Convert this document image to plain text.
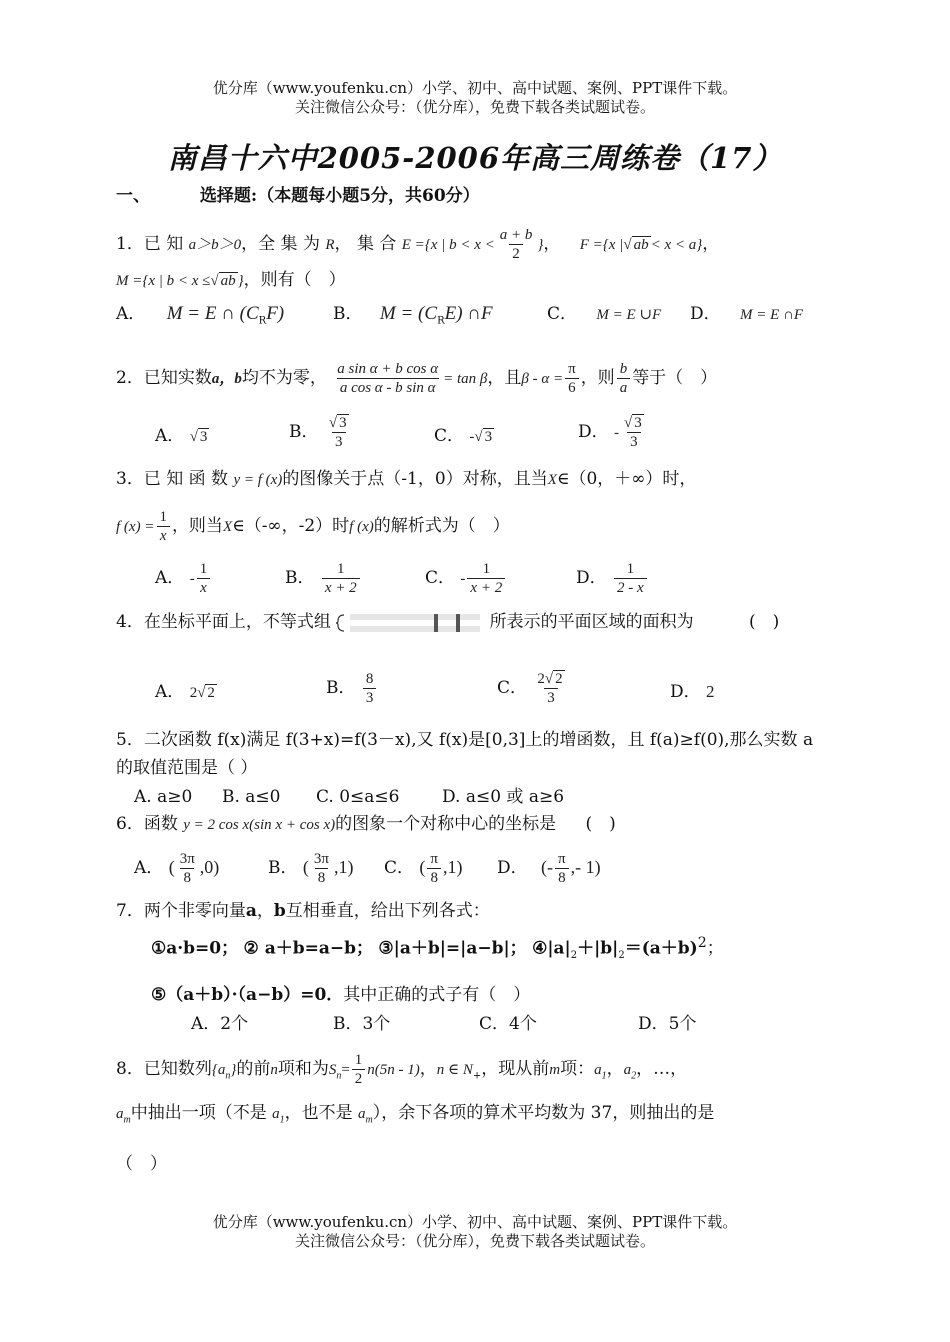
优分库（www.youfenku.cn）小学、初中、高中试题、案例、PPT课件下载。
关注微信公众号：（优分库），免费下载各类试题试卷。
南昌十六中2005-2006年高三周练卷（17）
一、	选择题:（本题每小题5分，共60分）
1．已 知 a＞b＞0，全 集 为 R， 集 合 E ={x | $b < x < \frac{a + b}{2}$ }， F ={x |√ ab < x < a}，
M ={x | b < x ≤√ ab }，则有（　）
A． M = E ∩ $(C_RF)$	B． $M = (C_RE)$ ∩F	C． M = E ∪F D． M = E ∩F
2．已知实数a，b均不为零， $\frac{\text{a sin α + b cos α}}{\text{a cos α - b sin α}} = \tan \beta$，且$\beta - \alpha = \frac{\pi}{6}$ ，则 $\frac{b}{a}$ 等于（　）
A． √ 3	B． $\frac{√ 3}{3}$	C． -√ 3	D． - $\frac{√ 3}{3}$
3．已 知 函 数 y = f (x)的图像关于点（-1，0）对称，且当X∈（0，＋∞）时，
f $(x) = \frac{1}{x}$ ，则当X∈（-∞，-2）时f (x)的解析式为（　）
A． - $\frac{1}{x}$	B． $\frac{1}{x + 2}$	C． - $\frac{1}{x + 2}$	D． $\frac{1}{2 - x}$
4．在坐标平面上，不等式组	所表示的平面区域的面积为	(　)
A． 2√ 2	B． $\frac{8}{3}$	C． $\frac{2√ 2}{3}$	D． 2
5．二次函数 f(x)满足 f(3+x)=f(3－x),又 f(x)是[0,3]上的增函数，且 f(a)≥f(0),那么实数 a
的取值范围是（ ）
A. a≥0 B. a≤0 C. 0≤a≤6	D. a≤0 或 a≥6
6．函数 y = 2 cos x(sin x + cos x)的图象一个对称中心的坐标是 (　)
A． ( $\frac{3\pi}{8} ,0$)	B． ( $\frac{3\pi}{8} ,1$) C． ( $\frac{\pi}{8} ,1$) D． (- $\frac{\pi}{8}$ ,- 1)
7．两个非零向量a，b互相垂直，给出下列各式：
①a·b=0； ② a＋b=a−b； ③|a＋b|=|a−b|； $④|a|_2+|b|_2=(a+b)^2$；
⑤（a＋b）·（a−b）=0．其中正确的式子有（　）
A．2个	B．3个	C．4个	D．5个
8．已知数列$\{a_n\}$的前n项和为$S_n= \frac{1}{2} n(5n - 1)$，n ∈ $N_+$，现从前m项：$a_1$，$a_2$，…，
$a_m$中抽出一项（不是 $a_1$，也不是 $a_m$），余下各项的算术平均数为 37，则抽出的是
（　）
优分库（www.youfenku.cn）小学、初中、高中试题、案例、PPT课件下载。
关注微信公众号：（优分库），免费下载各类试题试卷。
